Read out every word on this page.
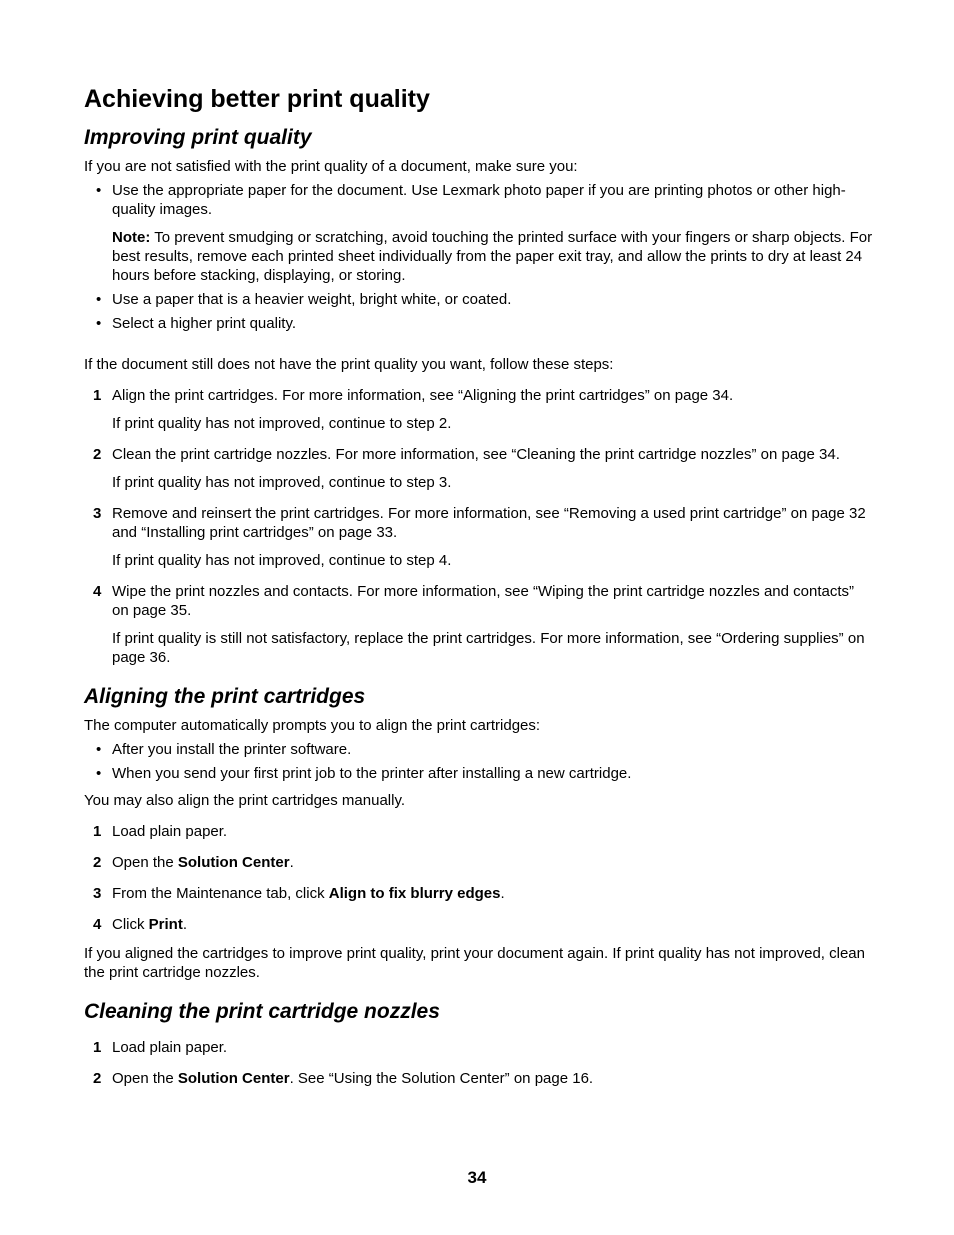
Achieving better print quality
Improving print quality

If you are not satisfied with the print quality of a document, make sure you:

• Use the appropriate paper for the document. Use Lexmark photo paper if you are printing photos or other high-quality images.
Note: To prevent smudging or scratching, avoid touching the printed surface with your fingers or sharp objects. For best results, remove each printed sheet individually from the paper exit tray, and allow the prints to dry at least 24 hours before stacking, displaying, or storing.
• Use a paper that is a heavier weight, bright white, or coated.
• Select a higher print quality.

If the document still does not have the print quality you want, follow these steps:

1 Align the print cartridges. For more information, see “Aligning the print cartridges” on page 34.
If print quality has not improved, continue to step 2.
2 Clean the print cartridge nozzles. For more information, see “Cleaning the print cartridge nozzles” on page 34.
If print quality has not improved, continue to step 3.
3 Remove and reinsert the print cartridges. For more information, see “Removing a used print cartridge” on page 32 and “Installing print cartridges” on page 33.
If print quality has not improved, continue to step 4.
4 Wipe the print nozzles and contacts. For more information, see “Wiping the print cartridge nozzles and contacts” on page 35.
If print quality is still not satisfactory, replace the print cartridges. For more information, see “Ordering supplies” on page 36.
Aligning the print cartridges

The computer automatically prompts you to align the print cartridges:

• After you install the printer software.
• When you send your first print job to the printer after installing a new cartridge.

You may also align the print cartridges manually.

1 Load plain paper.
2 Open the Solution Center.
3 From the Maintenance tab, click Align to fix blurry edges.
4 Click Print.

If you aligned the cartridges to improve print quality, print your document again. If print quality has not improved, clean the print cartridge nozzles.

Cleaning the print cartridge nozzles
1 Load plain paper.
2 Open the Solution Center. See “Using the Solution Center” on page 16.
34
